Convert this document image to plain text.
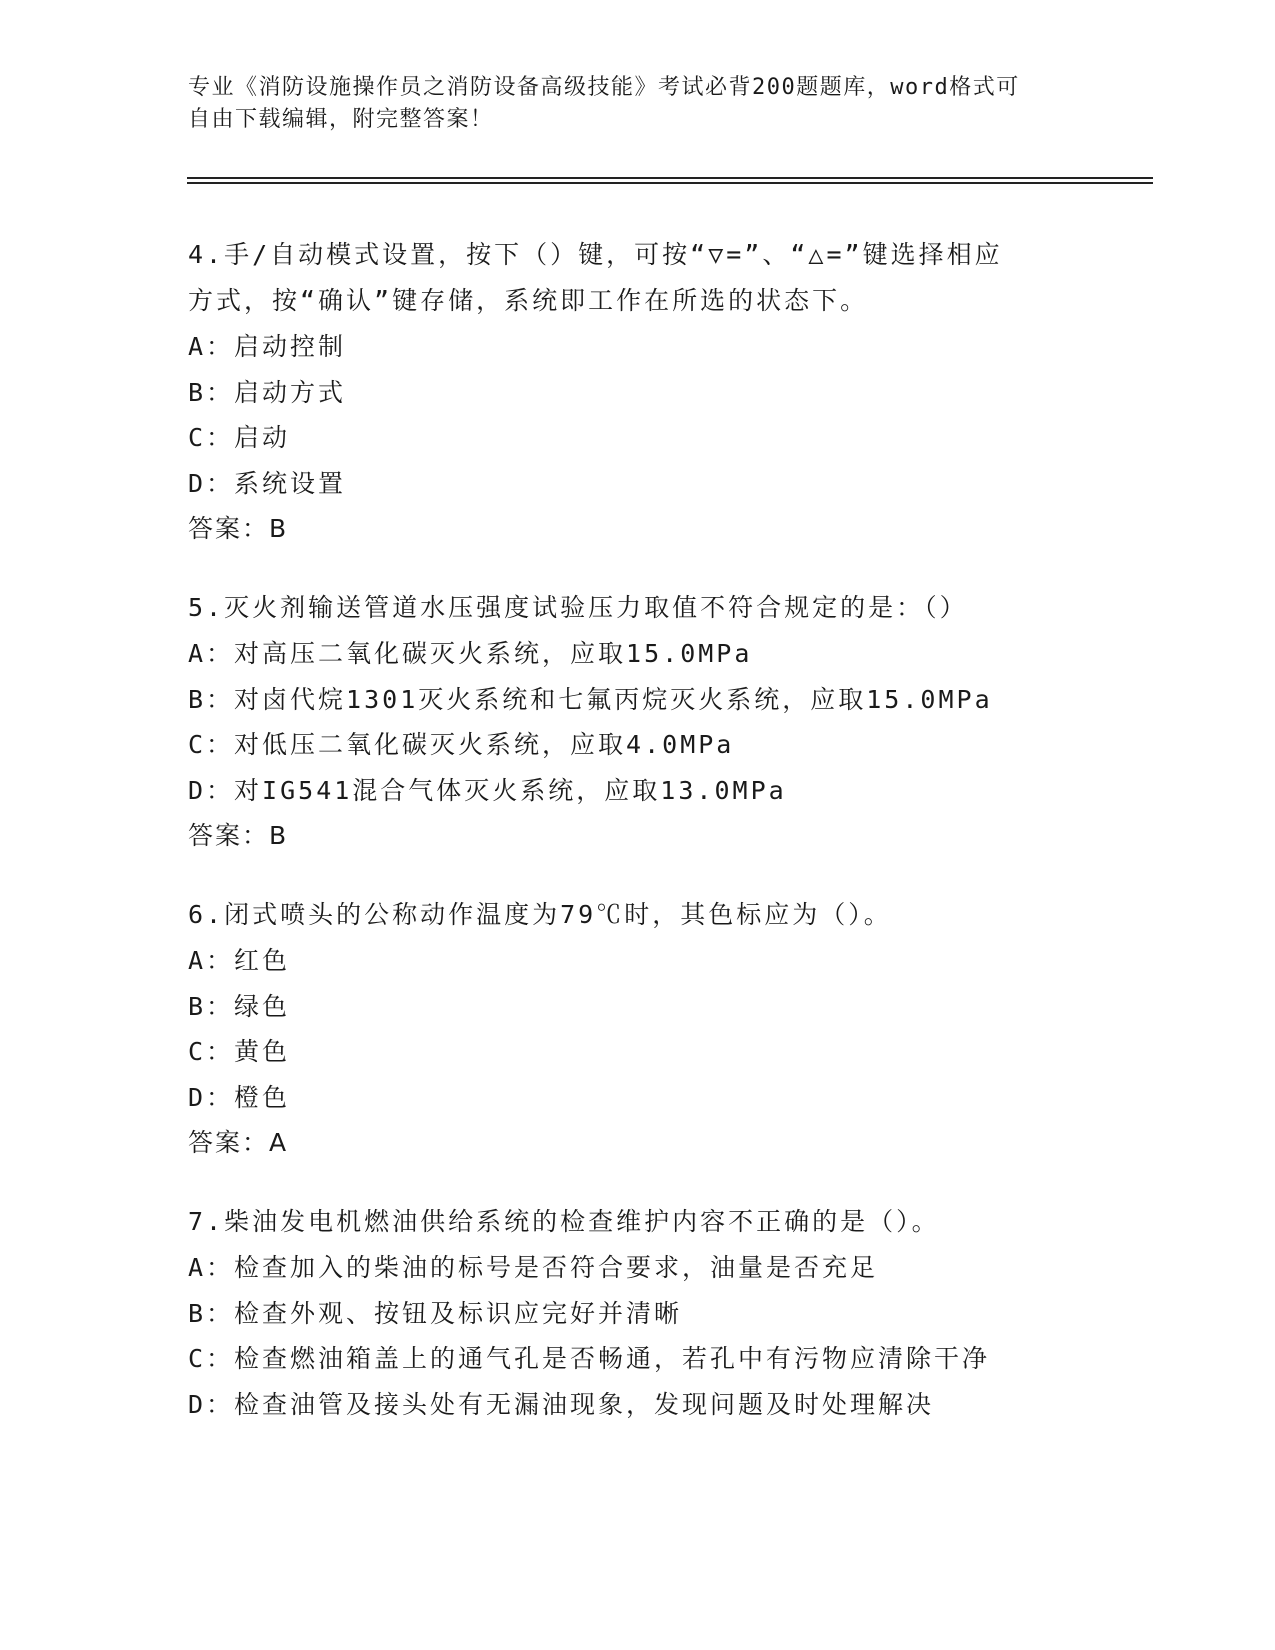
专业《消防设施操作员之消防设备高级技能》考试必背200题题库，word格式可
自由下载编辑，附完整答案！
4.手/自动模式设置，按下（）键，可按“▽=”、“△=”键选择相应
方式，按“确认”键存储，系统即工作在所选的状态下。
A：启动控制
B：启动方式
C：启动
D：系统设置
答案：B
5.灭火剂输送管道水压强度试验压力取值不符合规定的是：（）
A：对高压二氧化碳灭火系统，应取15.0MPa
B：对卤代烷1301灭火系统和七氟丙烷灭火系统，应取15.0MPa
C：对低压二氧化碳灭火系统，应取4.0MPa
D：对IG541混合气体灭火系统，应取13.0MPa
答案：B
6.闭式喷头的公称动作温度为79℃时，其色标应为（）。
A：红色
B：绿色
C：黄色
D：橙色
答案：A
7.柴油发电机燃油供给系统的检查维护内容不正确的是（）。
A：检查加入的柴油的标号是否符合要求，油量是否充足
B：检查外观、按钮及标识应完好并清晰
C：检查燃油箱盖上的通气孔是否畅通，若孔中有污物应清除干净
D：检查油管及接头处有无漏油现象，发现问题及时处理解决
